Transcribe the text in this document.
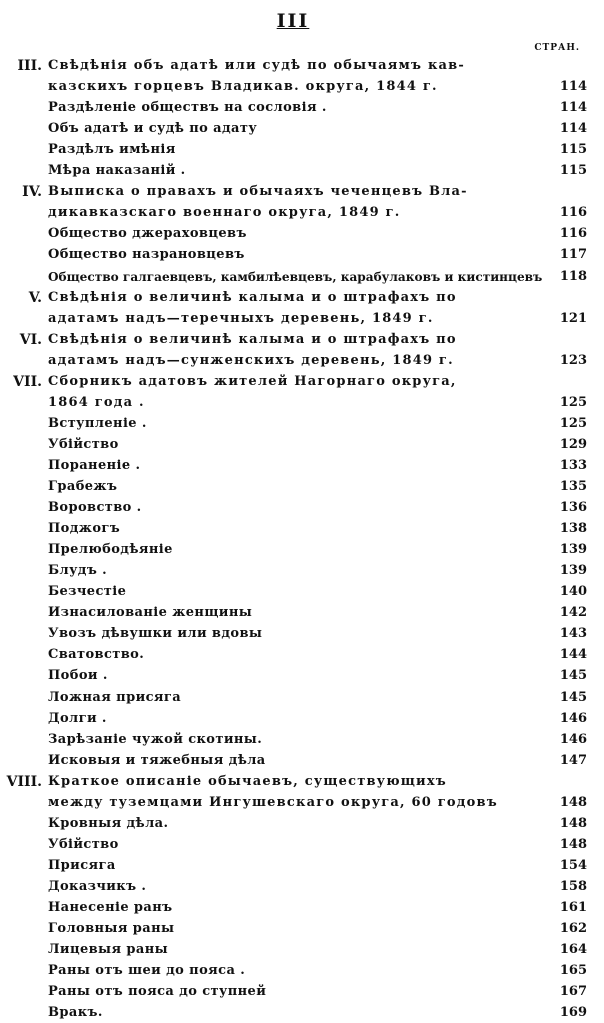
III
СТРАН.
III. Свѣдѣнія объ адатѣ или судѣ по обычаямъ кав-
казскихъ горцевъ Владикав. округа, 1844 г.	114
Раздѣленіе обществъ на сословія .	114
Объ адатѣ и судѣ по адату	114
Раздѣлъ имѣнія	115
Мѣра наказаній .	115
IV. Выписка о правахъ и обычаяхъ чеченцевъ Вла-
дикавказскаго военнаго округа, 1849 г.	116
Общество джераховцевъ	116
Общество назрановцевъ	117
Общество галгаевцевъ, камбилѣевцевъ, карабулаковъ и кистинцевъ	118
V. Свѣдѣнія о величинѣ калыма и о штрафахъ по
адатамъ надъ—теречныхъ деревень, 1849 г.	121
VI. Свѣдѣнія о величинѣ калыма и о штрафахъ по
адатамъ надъ—сунженскихъ деревень, 1849 г.	123
VII. Сборникъ адатовъ жителей Нагорнаго округа,
1864 года .	125
Вступленіе .	125
Убійство	129
Пораненіе .	133
Грабежъ	135
Воровство .	136
Поджогъ	138
Прелюбодѣяніе	139
Блудъ .	139
Безчестіе	140
Изнасилованіе женщины	142
Увозъ дѣвушки или вдовы	143
Сватовство.	144
Побои .	145
Ложная присяга	145
Долги .	146
Зарѣзаніе чужой скотины.	146
Исковыя и тяжебныя дѣла	147
VIII. Краткое описаніе обычаевъ, существующихъ
между туземцами Ингушевскаго округа, 60 годовъ	148
Кровныя дѣла.	148
Убійство	148
Присяга	154
Доказчикъ .	158
Нанесеніе ранъ	161
Головныя раны	162
Лицевыя раны	164
Раны отъ шеи до пояса .	165
Раны отъ пояса до ступней	167
Вракъ.	169
